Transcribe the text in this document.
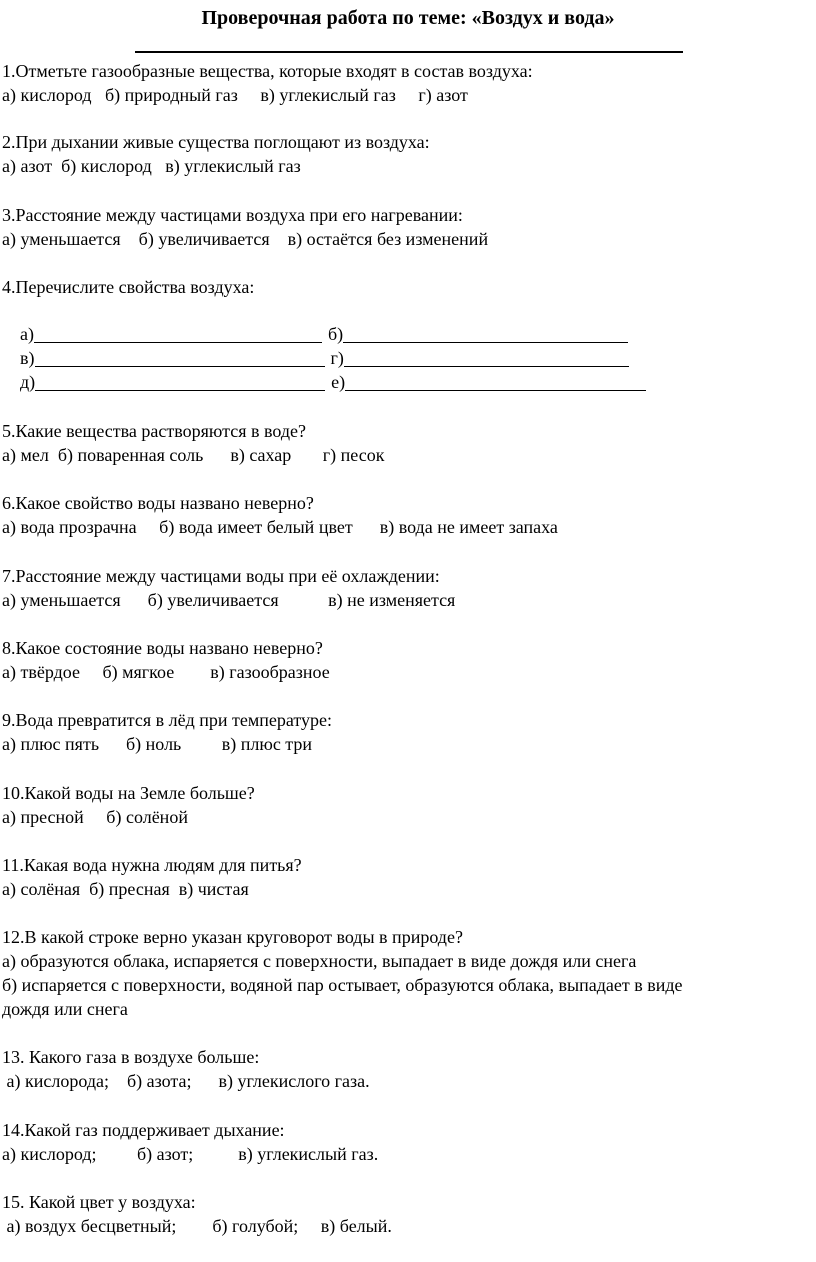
Проверочная работа по теме: «Воздух и вода»
1.Отметьте газообразные вещества, которые входят в состав воздуха:
а) кислород   б) природный газ     в) углекислый газ     г) азот
2.При дыхании живые существа поглощают из воздуха:
а) азот  б) кислород   в) углекислый газ
3.Расстояние между частицами воздуха при его нагревании:
а) уменьшается    б) увеличивается    в) остаётся без изменений
4.Перечислите свойства воздуха:

а)	б)

в)	г)

д)	е)

5.Какие вещества растворяются в воде?
а) мел  б) поваренная соль      в) сахар       г) песок
6.Какое свойство воды названо неверно?
а) вода прозрачна     б) вода имеет белый цвет      в) вода не имеет запаха
7.Расстояние между частицами воды при её охлаждении:
а) уменьшается      б) увеличивается           в) не изменяется
8.Какое состояние воды названо неверно?
а) твёрдое     б) мягкое        в) газообразное
9.Вода превратится в лёд при температуре:
а) плюс пять      б) ноль         в) плюс три
10.Какой воды на Земле больше?
а) пресной     б) солёной
11.Какая вода нужна людям для питья?
а) солёная  б) пресная  в) чистая
12.В какой строке верно указан круговорот воды в природе?
а) образуются облака, испаряется с поверхности, выпадает в виде дождя или снега
б) испаряется с поверхности, водяной пар остывает, образуются облака, выпадает в виде
дождя или снега
13. Какого газа в воздухе больше:
а) кислорода;    б) азота;      в) углекислого газа.
14.Какой газ поддерживает дыхание:
а) кислород;         б) азот;          в) углекислый газ.
15. Какой цвет у воздуха:
а) воздух бесцветный;        б) голубой;     в) белый.
